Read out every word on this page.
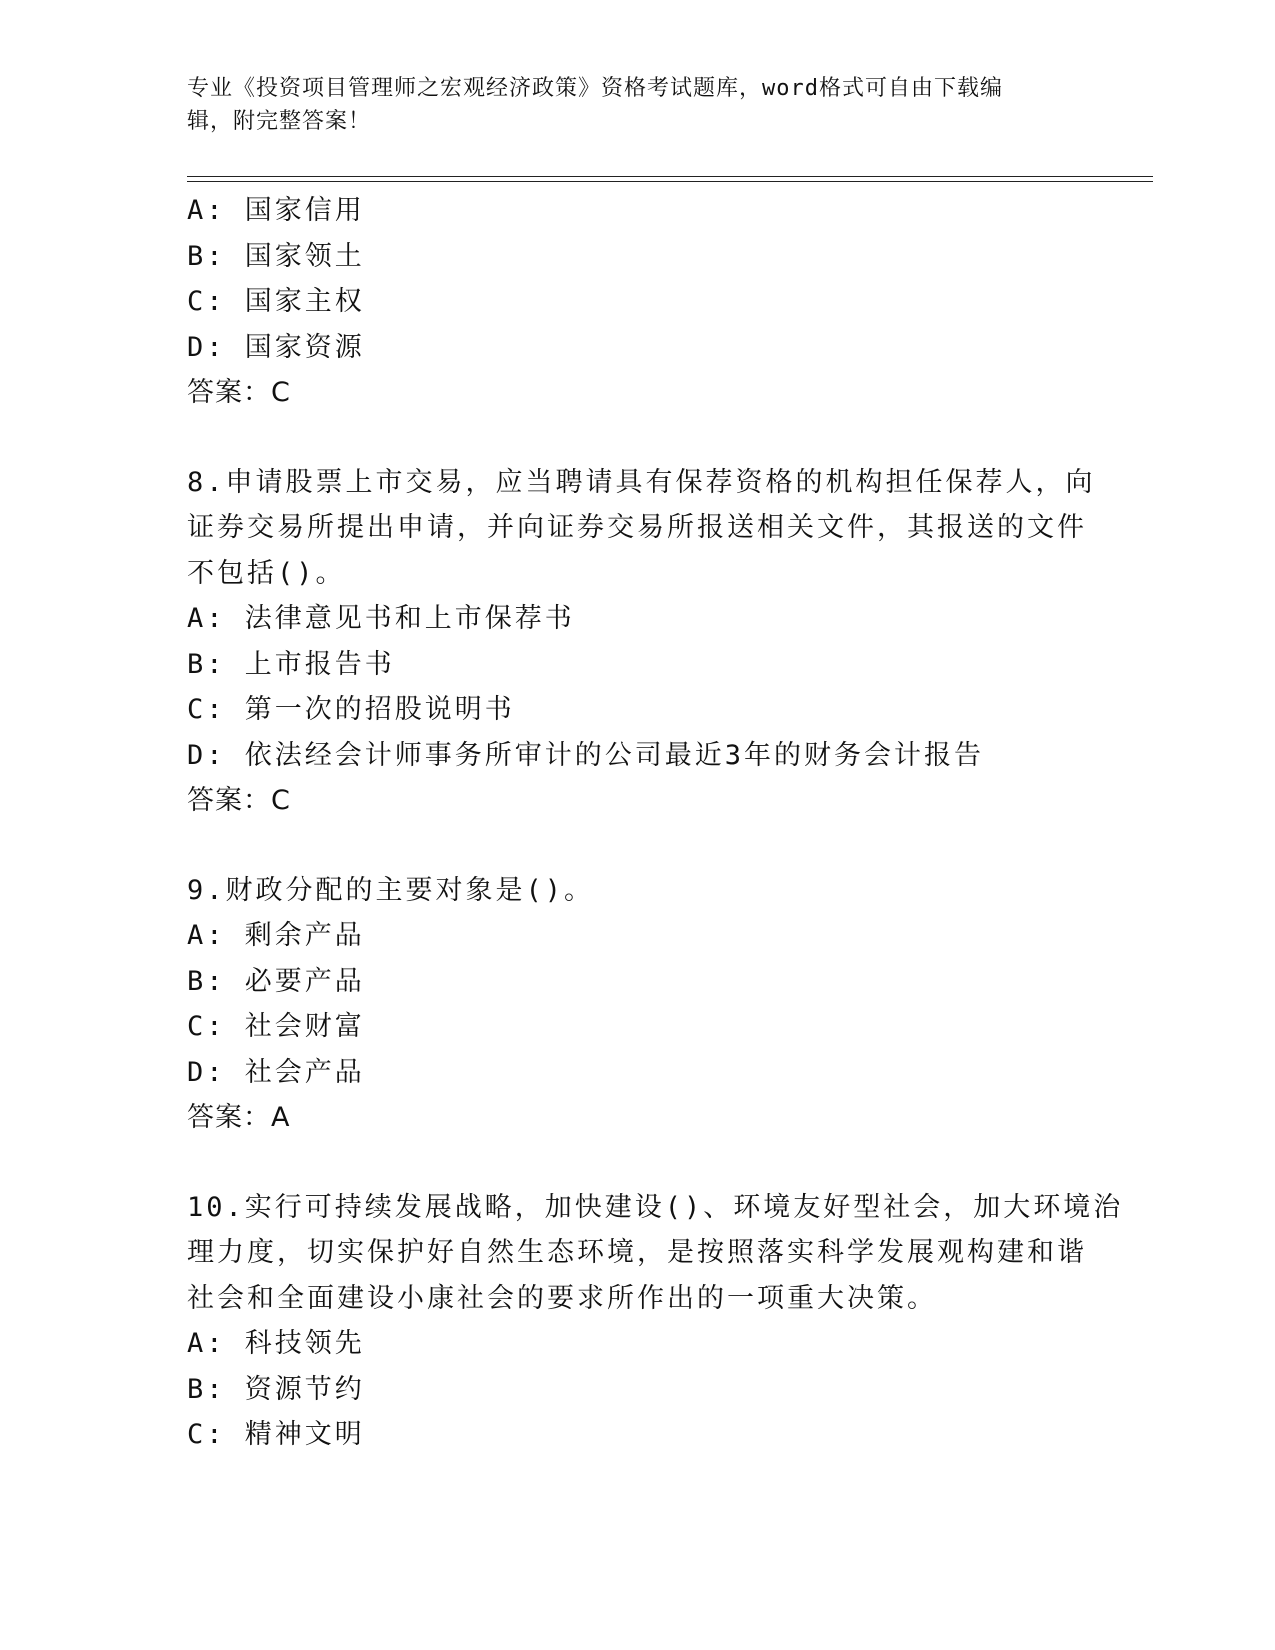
专业《投资项目管理师之宏观经济政策》资格考试题库，word格式可自由下载编
辑，附完整答案！
A: 国家信用
B: 国家领土
C: 国家主权
D: 国家资源
答案：C
8.申请股票上市交易，应当聘请具有保荐资格的机构担任保荐人，向
证券交易所提出申请，并向证券交易所报送相关文件，其报送的文件
不包括()。
A: 法律意见书和上市保荐书
B: 上市报告书
C: 第一次的招股说明书
D: 依法经会计师事务所审计的公司最近3年的财务会计报告
答案：C
9.财政分配的主要对象是()。
A: 剩余产品
B: 必要产品
C: 社会财富
D: 社会产品
答案：A
10.实行可持续发展战略，加快建设()、环境友好型社会，加大环境治
理力度，切实保护好自然生态环境，是按照落实科学发展观构建和谐
社会和全面建设小康社会的要求所作出的一项重大决策。
A: 科技领先
B: 资源节约
C: 精神文明
